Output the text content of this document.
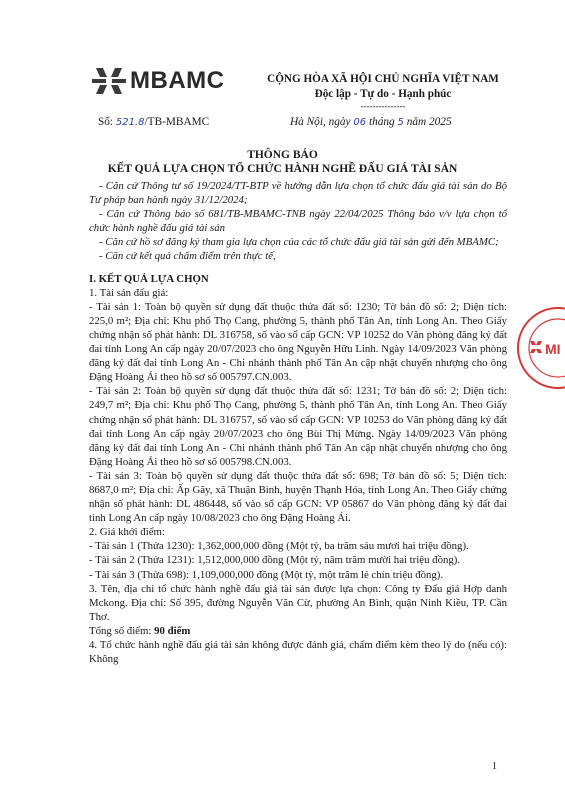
MBAMC	CỘNG HÒA XÃ HỘI CHỦ NGHĨA VIỆT NAM
Độc lập - Tự do - Hạnh phúc
---------------
Số: 521.8/TB-MBAMC	Hà Nội, ngày 06 tháng 5 năm 2025
THÔNG BÁO
KẾT QUẢ LỰA CHỌN TỔ CHỨC HÀNH NGHỀ ĐẤU GIÁ TÀI SẢN

- Căn cứ Thông tư số 19/2024/TT-BTP về hướng dẫn lựa chọn tổ chức đấu giá tài sản do Bộ Tư pháp ban hành ngày 31/12/2024;

- Căn cứ Thông báo số 681/TB-MBAMC-TNB ngày 22/04/2025 Thông báo v/v lựa chọn tổ chức hành nghề đấu giá tài sản

- Căn cứ hồ sơ đăng ký tham gia lựa chọn của các tổ chức đấu giá tài sản gửi đến MBAMC;

- Căn cứ kết quả chấm điểm trên thực tế,

I. KẾT QUẢ LỰA CHỌN

1. Tài sản đấu giá:

- Tài sản 1: Toàn bộ quyền sử dụng đất thuộc thửa đất số: 1230; Tờ bản đồ số: 2; Diện tích: 225,0 m²; Địa chỉ: Khu phố Thọ Cang, phường 5, thành phố Tân An, tỉnh Long An. Theo Giấy chứng nhận số phát hành: DL 316758, số vào sổ cấp GCN: VP 10252 do Văn phòng đăng ký đất đai tỉnh Long An cấp ngày 20/07/2023 cho ông Nguyễn Hữu Linh. Ngày 14/09/2023 Văn phòng đăng ký đất đai tỉnh Long An - Chi nhánh thành phố Tân An cập nhật chuyển nhượng cho ông Đặng Hoàng Ái theo hồ sơ số 005797.CN.003.

- Tài sản 2: Toàn bộ quyền sử dụng đất thuộc thửa đất số: 1231; Tờ bản đồ số: 2; Diện tích: 249,7 m²; Địa chỉ: Khu phố Thọ Cang, phường 5, thành phố Tân An, tỉnh Long An. Theo Giấy chứng nhận số phát hành: DL 316757, số vào sổ cấp GCN: VP 10253 do Văn phòng đăng ký đất đai tỉnh Long An cấp ngày 20/07/2023 cho ông Bùi Thị Mừng. Ngày 14/09/2023 Văn phòng đăng ký đất đai tỉnh Long An - Chi nhánh thành phố Tân An cập nhật chuyển nhượng cho ông Đặng Hoàng Ái theo hồ sơ số 005798.CN.003.

- Tài sản 3: Toàn bộ quyền sử dụng đất thuộc thửa đất số: 698; Tờ bản đồ số: 5; Diện tích: 8687,0 m²; Địa chỉ: Ấp Gãy, xã Thuận Bình, huyện Thạnh Hóa, tỉnh Long An. Theo Giấy chứng nhận số phát hành: DL 486448, số vào sổ cấp GCN: VP 05867 do Văn phòng đăng ký đất đai tỉnh Long An cấp ngày 10/08/2023 cho ông Đặng Hoàng Ái.

2. Giá khởi điểm:

- Tài sản 1 (Thửa 1230): 1,362,000,000 đồng (Một tỷ, ba trăm sáu mươi hai triệu đồng).

- Tài sản 2 (Thửa 1231): 1,512,000,000 đồng (Một tỷ, năm trăm mười hai triệu đồng).

- Tài sản 3 (Thửa 698): 1,109,000,000 đồng (Một tỷ, một trăm lẻ chín triệu đồng).

3. Tên, địa chỉ tổ chức hành nghề đấu giá tài sản được lựa chọn: Công ty Đấu giá Hợp danh Mckong. Địa chỉ: Số 395, đường Nguyễn Văn Cừ, phường An Bình, quận Ninh Kiều, TP. Cần Thơ.

Tổng số điểm: 90 điểm

4. Tổ chức hành nghề đấu giá tài sản không được đánh giá, chấm điểm kèm theo lý do (nếu có): Không

1
MI
